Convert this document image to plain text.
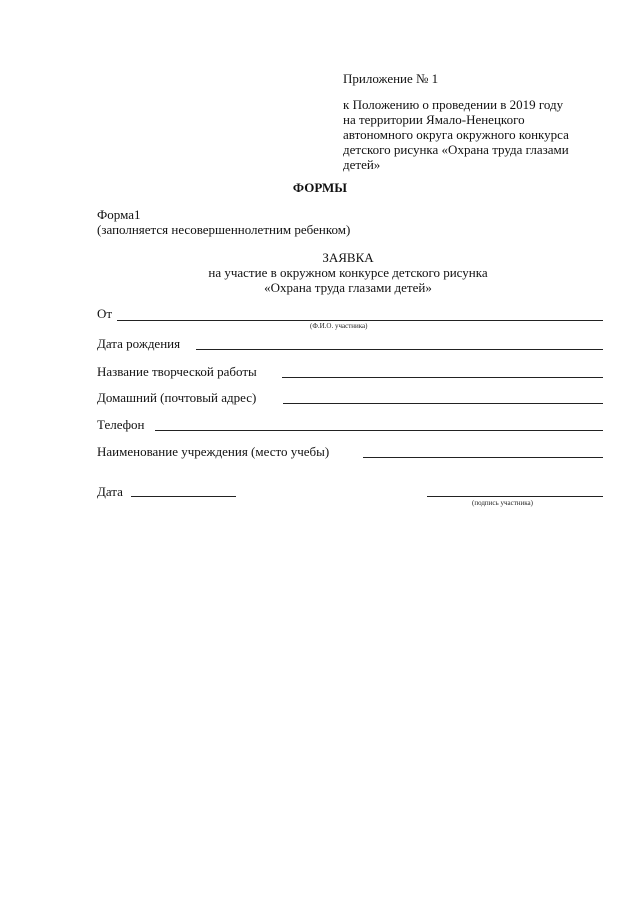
Приложение № 1
к Положению о проведении в 2019 году
на территории Ямало-Ненецкого
автономного округа окружного конкурса
детского рисунка «Охрана труда глазами
детей»
ФОРМЫ
Форма1
(заполняется несовершеннолетним ребенком)
ЗАЯВКА
на участие в окружном конкурсе детского рисунка
«Охрана труда глазами детей»
От
(Ф.И.О. участника)
Дата рождения
Название творческой работы
Домашний (почтовый адрес)
Телефон
Наименование учреждения (место учебы)
Дата
(подпись участника)
